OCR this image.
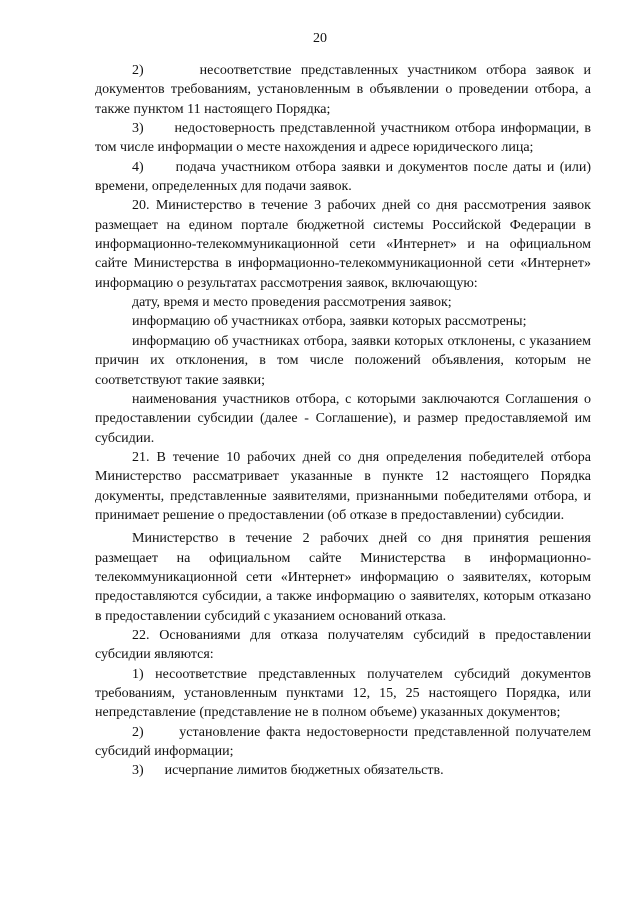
20

2)	несоответствие представленных участником отбора заявок и документов требованиям, установленным в объявлении о проведении отбора, а также пунктом 11 настоящего Порядка;

3) недостоверность представленной участником отбора информации, в том числе информации о месте нахождения и адресе юридического лица;

4) подача участником отбора заявки и документов после даты и (или) времени, определенных для подачи заявок.

20. Министерство в течение 3 рабочих дней со дня рассмотрения заявок размещает на едином портале бюджетной системы Российской Федерации в информационно-телекоммуникационной сети «Интернет» и на официальном сайте Министерства в информационно-телекоммуникационной сети «Интернет» информацию о результатах рассмотрения заявок, включающую:

дату, время и место проведения рассмотрения заявок;

информацию об участниках отбора, заявки которых рассмотрены;

информацию об участниках отбора, заявки которых отклонены, с указанием причин их отклонения, в том числе положений объявления, которым не соответствуют такие заявки;

наименования участников отбора, с которыми заключаются Соглашения о предоставлении субсидии (далее - Соглашение), и размер предоставляемой им субсидии.

21. В течение 10 рабочих дней со дня определения победителей отбора Министерство рассматривает указанные в пункте 12 настоящего Порядка документы, представленные заявителями, признанными победителями отбора, и принимает решение о предоставлении (об отказе в предоставлении) субсидии.

Министерство в течение 2 рабочих дней со дня принятия решения размещает на официальном сайте Министерства в информационно-телекоммуникационной сети «Интернет» информацию о заявителях, которым предоставляются субсидии, а также информацию о заявителях, которым отказано в предоставлении субсидий с указанием оснований отказа.

22. Основаниями для отказа получателям субсидий в предоставлении субсидии являются:

1) несоответствие представленных получателем субсидий документов требованиям, установленным пунктами 12, 15, 25 настоящего Порядка, или непредставление (представление не в полном объеме) указанных документов;

2)	установление факта недостоверности представленной получателем субсидий информации;

3) исчерпание лимитов бюджетных обязательств.
